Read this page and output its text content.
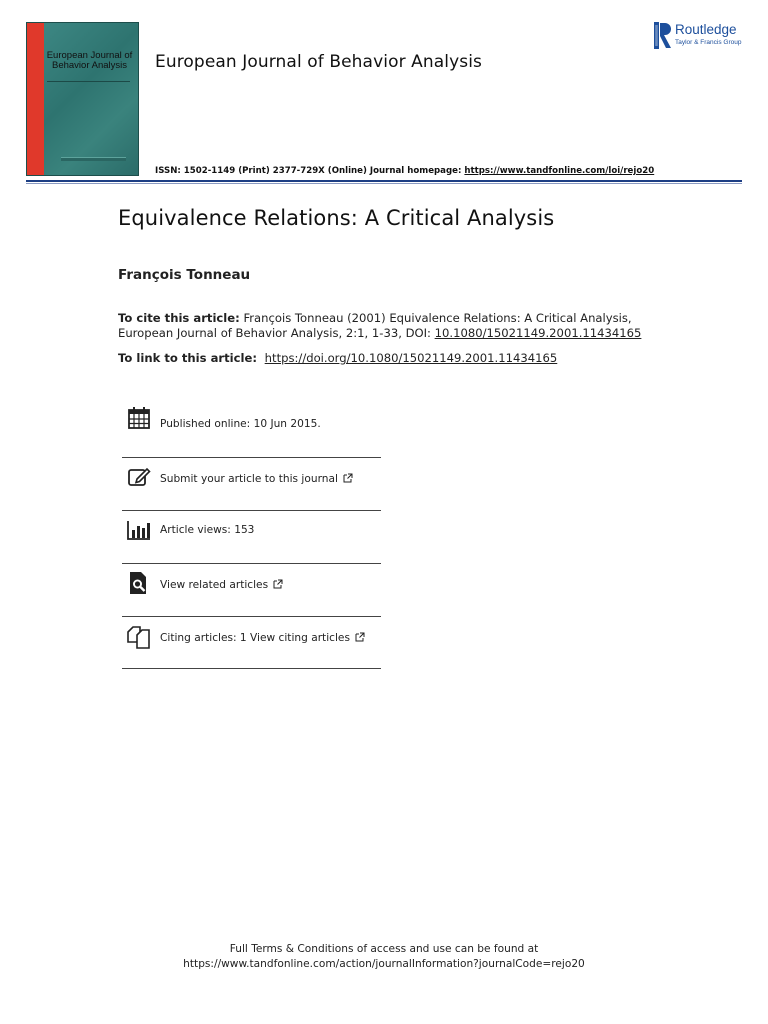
European Journal of Behavior Analysis	European Journal of Behavior Analysis
Routledge
Taylor & Francis Group
ISSN: 1502-1149 (Print) 2377-729X (Online) Journal homepage: https://www.tandfonline.com/loi/rejo20
Equivalence Relations: A Critical Analysis
François Tonneau
To cite this article: François Tonneau (2001) Equivalence Relations: A Critical Analysis, European Journal of Behavior Analysis, 2:1, 1-33, DOI: 10.1080/15021149.2001.11434165
To link to this article: https://doi.org/10.1080/15021149.2001.11434165
Published online: 10 Jun 2015.
Submit your article to this journal
Article views: 153
View related articles
Citing articles: 1 View citing articles
Full Terms & Conditions of access and use can be found at
https://www.tandfonline.com/action/journalInformation?journalCode=rejo20
